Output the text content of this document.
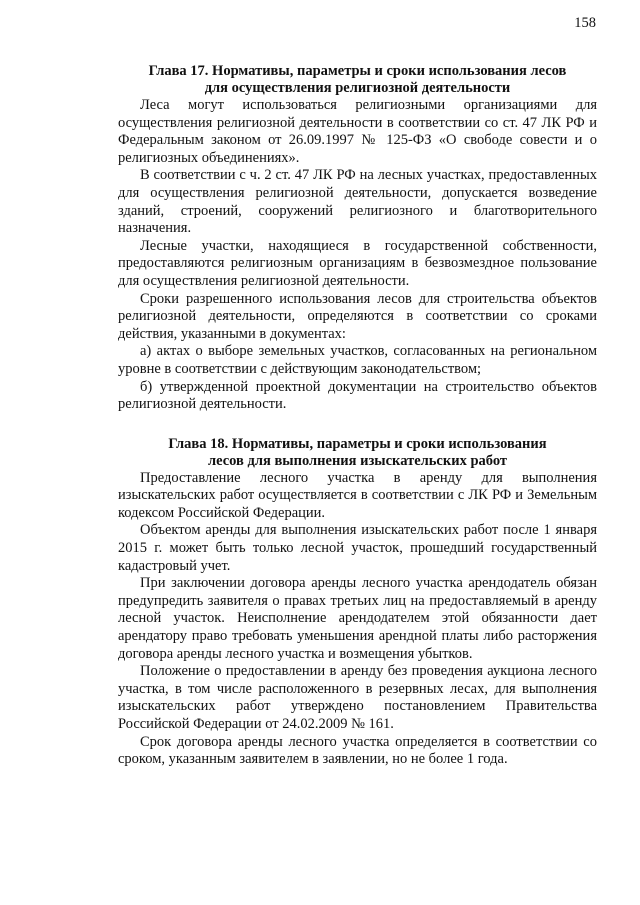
158
Глава 17. Нормативы, параметры и сроки использования лесов
для осуществления религиозной деятельности

Леса могут использоваться религиозными организациями для осуществления религиозной деятельности в соответствии со ст. 47 ЛК РФ и Федеральным законом от 26.09.1997 № 125-ФЗ «О свободе совести и о религиозных объединениях».

В соответствии с ч. 2 ст. 47 ЛК РФ на лесных участках, предоставленных для осуществления религиозной деятельности, допускается возведение зданий, строений, сооружений религиозного и благотворительного назначения.

Лесные участки, находящиеся в государственной собственности, предоставляются религиозным организациям в безвозмездное пользование для осуществления религиозной деятельности.

Сроки разрешенного использования лесов для строительства объектов религиозной деятельности, определяются в соответствии со сроками действия, указанными в документах:

а) актах о выборе земельных участков, согласованных на региональном уровне в соответствии с действующим законодательством;

б) утвержденной проектной документации на строительство объектов религиозной деятельности.

Глава 18. Нормативы, параметры и сроки использования
лесов для выполнения изыскательских работ

Предоставление лесного участка в аренду для выполнения изыскательских работ осуществляется в соответствии с ЛК РФ и Земельным кодексом Российской Федерации.

Объектом аренды для выполнения изыскательских работ после 1 января 2015 г. может быть только лесной участок, прошедший государственный кадастровый учет.

При заключении договора аренды лесного участка арендодатель обязан предупредить заявителя о правах третьих лиц на предоставляемый в аренду лесной участок. Неисполнение арендодателем этой обязанности дает арендатору право требовать уменьшения арендной платы либо расторжения договора аренды лесного участка и возмещения убытков.

Положение о предоставлении в аренду без проведения аукциона лесного участка, в том числе расположенного в резервных лесах, для выполнения изыскательских работ утверждено постановлением Правительства Российской Федерации от 24.02.2009 № 161.

Срок договора аренды лесного участка определяется в соответствии со сроком, указанным заявителем в заявлении, но не более 1 года.
